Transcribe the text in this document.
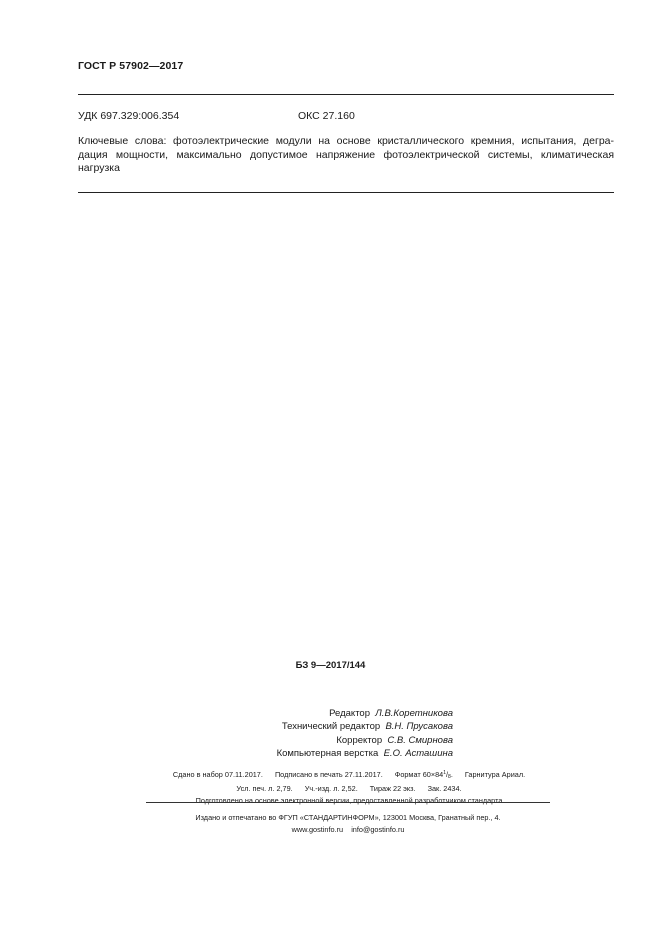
ГОСТ Р 57902—2017
УДК 697.329:006.354	ОКС 27.160
Ключевые слова: фотоэлектрические модули на основе кристаллического кремния, испытания, дегра-
дация мощности, максимально допустимое напряжение фотоэлектрической системы, климатическая
нагрузка
БЗ 9—2017/144
Редактор Л.В.Коретникова
Технический редактор В.Н. Прусакова
Корректор С.В. Смирнова
Компьютерная верстка Е.О. Асташина
Сдано в набор 07.11.2017. Подписано в печать 27.11.2017. Формат $60\times 84^1/_8$. Гарнитура Ариал.
Усл. печ. л. 2,79. Уч.-изд. л. 2,52. Тираж 22 экз. Зак. 2434.
Подготовлено на основе электронной версии, предоставленной разработчиком стандарта
Издано и отпечатано во ФГУП «СТАНДАРТИНФОРМ», 123001 Москва, Гранатный пер., 4.
www.gostinfo.ru info@gostinfo.ru
